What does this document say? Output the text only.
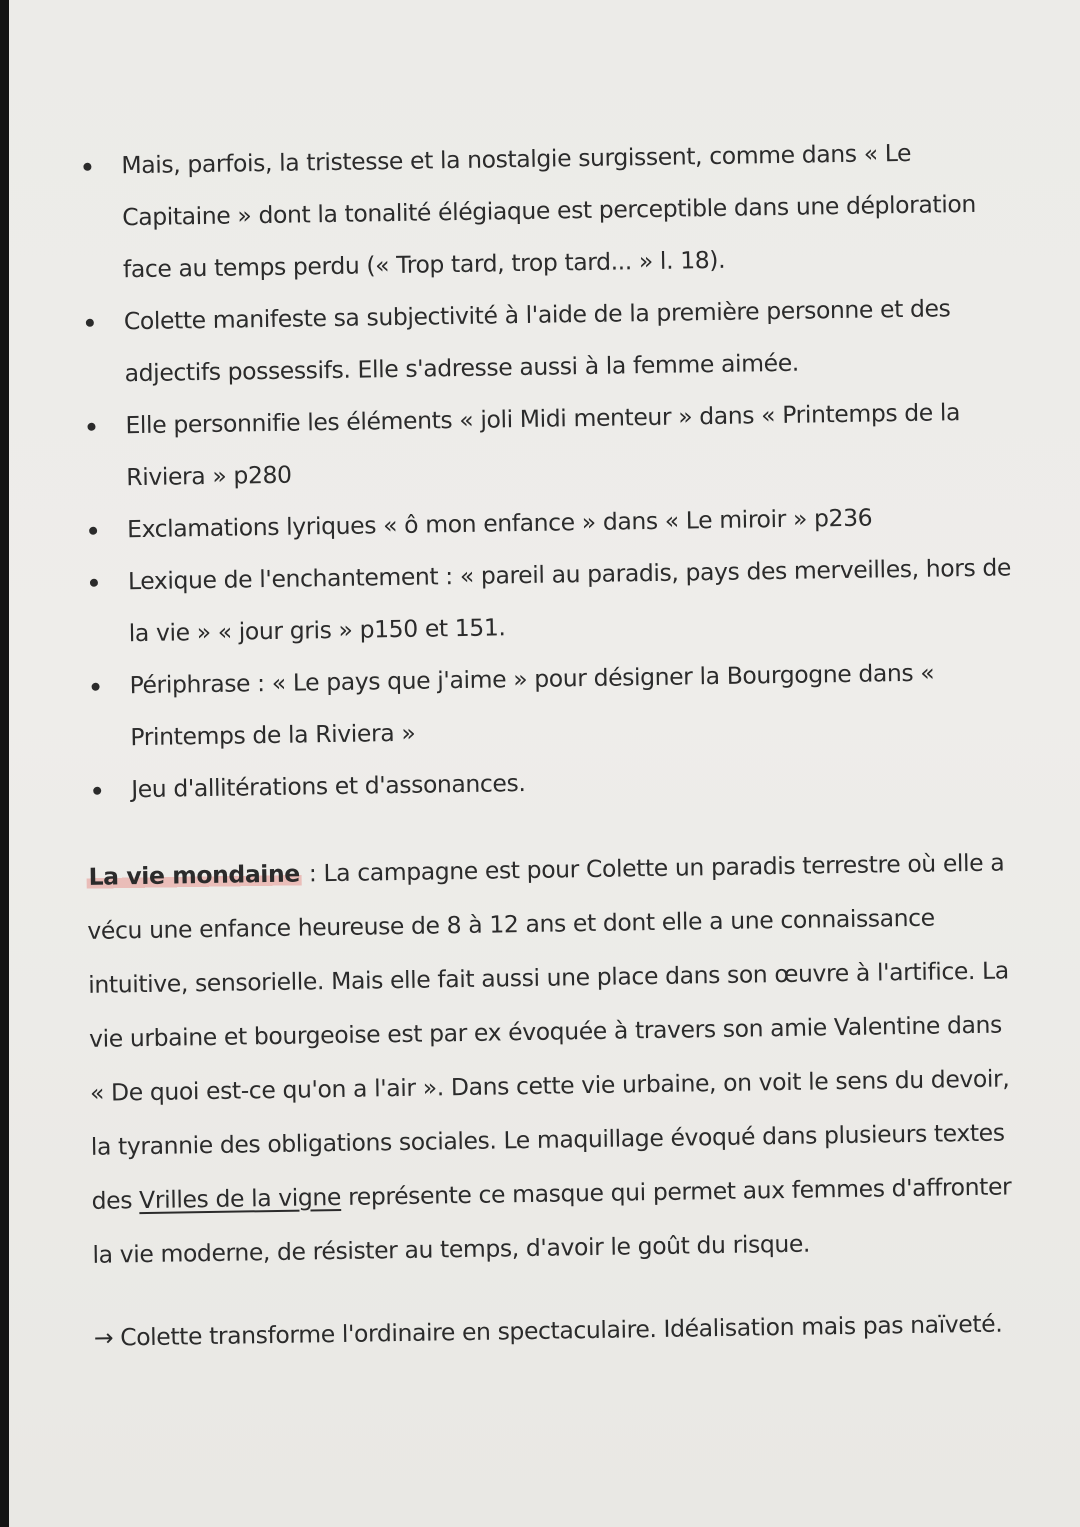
Mais, parfois, la tristesse et la nostalgie surgissent, comme dans « Le Capitaine » dont la tonalité élégiaque est perceptible dans une déploration face au temps perdu (« Trop tard, trop tard... » l. 18).
Colette manifeste sa subjectivité à l'aide de la première personne et des adjectifs possessifs. Elle s'adresse aussi à la femme aimée.
Elle personnifie les éléments « joli Midi menteur » dans « Printemps de la Riviera » p280
Exclamations lyriques « ô mon enfance » dans « Le miroir » p236
Lexique de l'enchantement : « pareil au paradis, pays des merveilles, hors de la vie » « jour gris » p150 et 151.
Périphrase : « Le pays que j'aime » pour désigner la Bourgogne dans « Printemps de la Riviera »
Jeu d'allitérations et d'assonances.

La vie mondaine : La campagne est pour Colette un paradis terrestre où elle a vécu une enfance heureuse de 8 à 12 ans et dont elle a une connaissance intuitive, sensorielle. Mais elle fait aussi une place dans son œuvre à l'artifice. La vie urbaine et bourgeoise est par ex évoquée à travers son amie Valentine dans « De quoi est-ce qu'on a l'air ». Dans cette vie urbaine, on voit le sens du devoir, la tyrannie des obligations sociales. Le maquillage évoqué dans plusieurs textes des Vrilles de la vigne représente ce masque qui permet aux femmes d'affronter la vie moderne, de résister au temps, d'avoir le goût du risque.

→ Colette transforme l'ordinaire en spectaculaire. Idéalisation mais pas naïveté.
